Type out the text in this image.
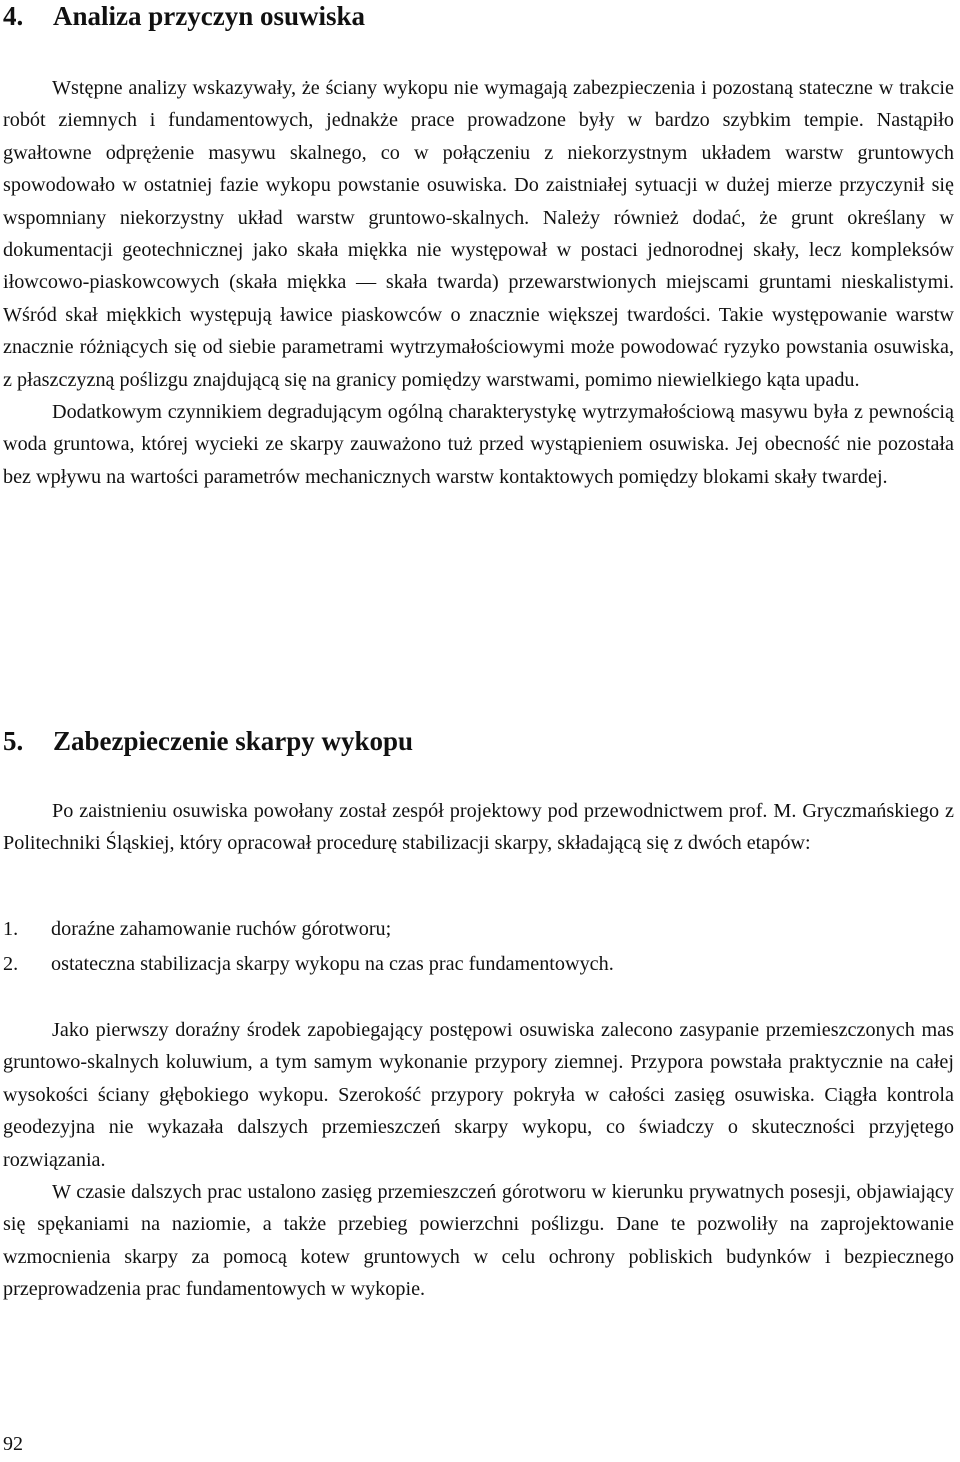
4. Analiza przyczyn osuwiska

Wstępne analizy wskazywały, że ściany wykopu nie wymagają zabezpieczenia i pozostaną stateczne w trakcie robót ziemnych i fundamentowych, jednakże prace prowadzone były w bardzo szybkim tempie. Nastąpiło gwałtowne odprężenie masywu skalnego, co w połączeniu z niekorzystnym układem warstw gruntowych spowodowało w ostatniej fazie wykopu powstanie osuwiska. Do zaistniałej sytuacji w dużej mierze przyczynił się wspomniany niekorzystny układ warstw gruntowo-skalnych. Należy również dodać, że grunt określany w dokumentacji geotechnicznej jako skała miękka nie występował w postaci jednorodnej skały, lecz kompleksów iłowcowo-piaskowcowych (skała miękka — skała twarda) przewarstwionych miejscami gruntami nieskalistymi. Wśród skał miękkich występują ławice piaskowców o znacznie większej twardości. Takie występowanie warstw znacznie różniących się od siebie parametrami wytrzymałościowymi może powodować ryzyko powstania osuwiska, z płaszczyzną poślizgu znajdującą się na granicy pomiędzy warstwami, pomimo niewielkiego kąta upadu.

Dodatkowym czynnikiem degradującym ogólną charakterystykę wytrzymałościową masywu była z pewnością woda gruntowa, której wycieki ze skarpy zauważono tuż przed wystąpieniem osuwiska. Jej obecność nie pozostała bez wpływu na wartości parametrów mechanicznych warstw kontaktowych pomiędzy blokami skały twardej.

5. Zabezpieczenie skarpy wykopu

Po zaistnieniu osuwiska powołany został zespół projektowy pod przewodnictwem prof. M. Gryczmańskiego z Politechniki Śląskiej, który opracował procedurę stabilizacji skarpy, składającą się z dwóch etapów:

1.	doraźne zahamowanie ruchów górotworu;
2.	ostateczna stabilizacja skarpy wykopu na czas prac fundamentowych.

Jako pierwszy doraźny środek zapobiegający postępowi osuwiska zalecono zasypanie przemieszczonych mas gruntowo-skalnych koluwium, a tym samym wykonanie przypory ziemnej. Przypora powstała praktycznie na całej wysokości ściany głębokiego wykopu. Szerokość przypory pokryła w całości zasięg osuwiska. Ciągła kontrola geodezyjna nie wykazała dalszych przemieszczeń skarpy wykopu, co świadczy o skuteczności przyjętego rozwiązania.

W czasie dalszych prac ustalono zasięg przemieszczeń górotworu w kierunku prywatnych posesji, objawiający się spękaniami na naziomie, a także przebieg powierzchni poślizgu. Dane te pozwoliły na zaprojektowanie wzmocnienia skarpy za pomocą kotew gruntowych w celu ochrony pobliskich budynków i bezpiecznego przeprowadzenia prac fundamentowych w wykopie.

92
